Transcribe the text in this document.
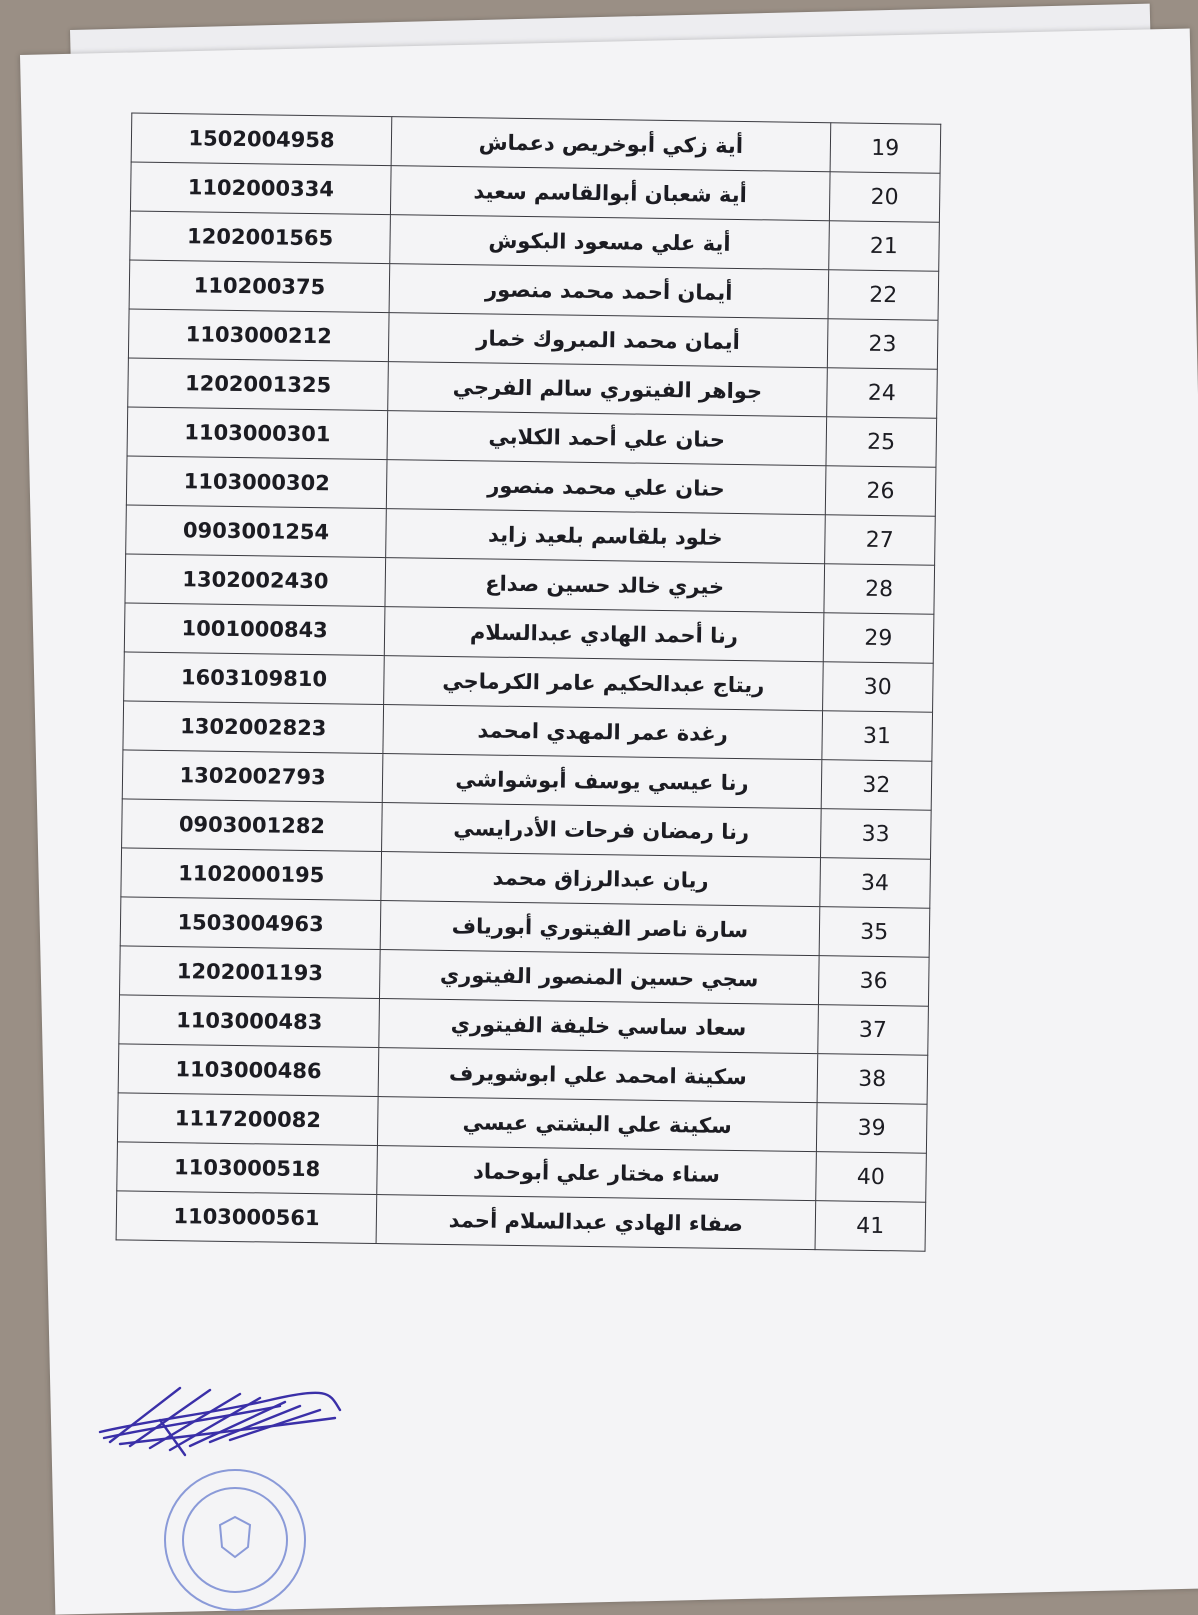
19	أية زكي أبوخريص دعماش	1502004958
20	أية شعبان أبوالقاسم سعيد	1102000334
21	أية علي مسعود البكوش	1202001565
22	أيمان أحمد محمد منصور	110200375
23	أيمان محمد المبروك خمار	1103000212
24	جواهر الفيتوري سالم الفرجي	1202001325
25	حنان علي أحمد الكلابي	1103000301
26	حنان علي محمد منصور	1103000302
27	خلود بلقاسم بلعيد زايد	0903001254
28	خيري خالد حسين صداع	1302002430
29	رنا أحمد الهادي عبدالسلام	1001000843
30	ريتاج عبدالحكيم عامر الكرماجي	1603109810
31	رغدة عمر المهدي امحمد	1302002823
32	رنا عيسي يوسف أبوشواشي	1302002793
33	رنا رمضان فرحات الأدرايسي	0903001282
34	ريان عبدالرزاق محمد	1102000195
35	سارة ناصر الفيتوري أبورياف	1503004963
36	سجي حسين المنصور الفيتوري	1202001193
37	سعاد ساسي خليفة الفيتوري	1103000483
38	سكينة امحمد علي ابوشويرف	1103000486
39	سكينة علي البشتي عيسي	1117200082
40	سناء مختار علي أبوحماد	1103000518
41	صفاء الهادي عبدالسلام أحمد	1103000561
